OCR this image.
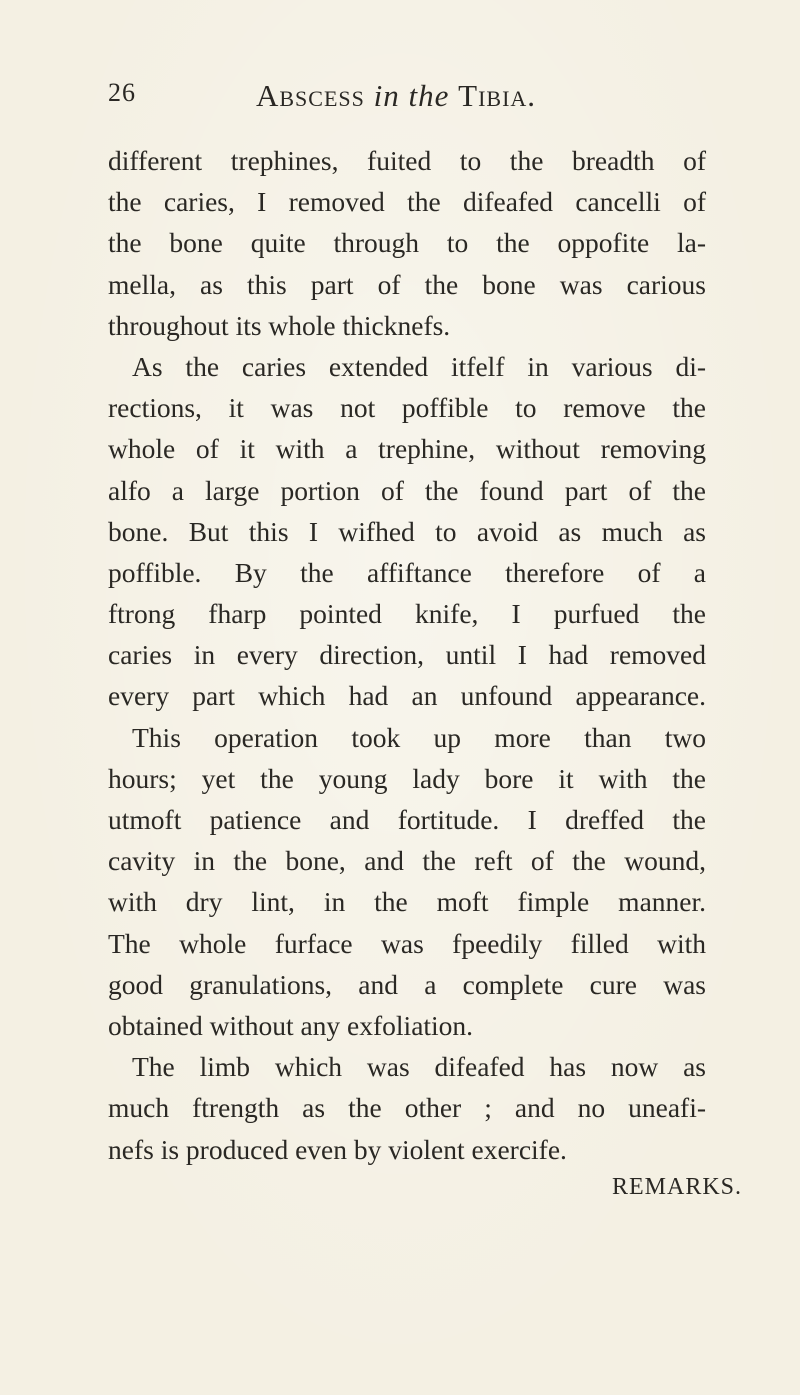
26	Abscess in the Tibia.
different trephines, fuited to the breadth of
the caries, I removed the difeafed cancelli of
the bone quite through to the oppofite la-
mella, as this part of the bone was carious
throughout its whole thicknefs.
As the caries extended itfelf in various di-
rections, it was not poffible to remove the
whole of it with a trephine, without removing
alfo a large portion of the found part of the
bone. But this I wifhed to avoid as much as
poffible. By the affiftance therefore of a
ftrong fharp pointed knife, I purfued the
caries in every direction, until I had removed
every part which had an unfound appearance.
This operation took up more than two
hours; yet the young lady bore it with the
utmoft patience and fortitude. I dreffed the
cavity in the bone, and the reft of the wound,
with dry lint, in the moft fimple manner.
The whole furface was fpeedily filled with
good granulations, and a complete cure was
obtained without any exfoliation.
The limb which was difeafed has now as
much ftrength as the other ; and no uneafi-
nefs is produced even by violent exercife.
REMARKS.
